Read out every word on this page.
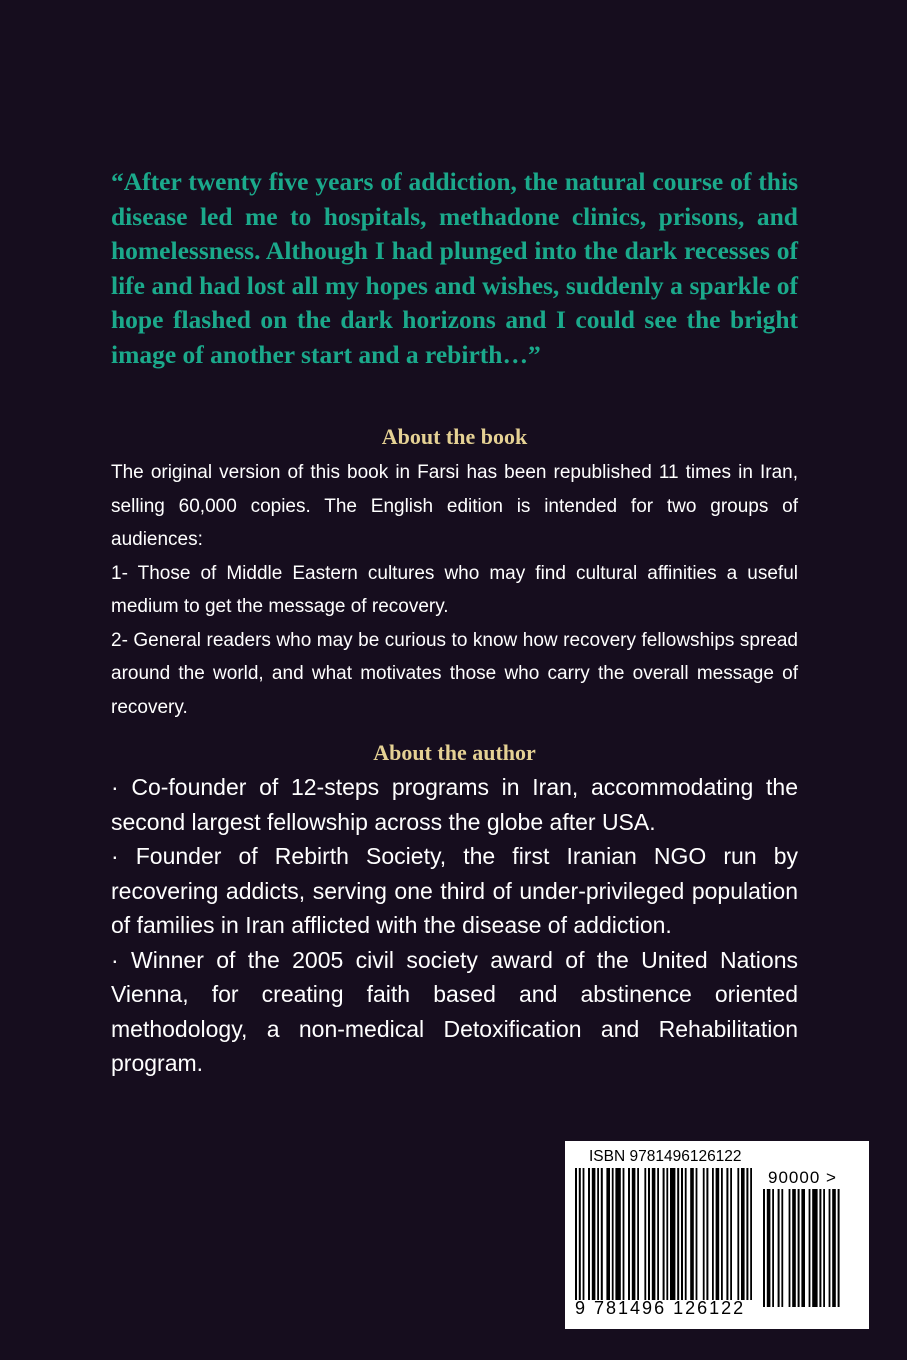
“After twenty five years of addiction, the natural course of this disease led me to hospitals, methadone clinics, prisons, and homelessness. Although I had plunged into the dark recesses of life and had lost all my hopes and wishes, suddenly a sparkle of hope flashed on the dark horizons and I could see the bright image of another start and a rebirth…”

About the book

The original version of this book in Farsi has been republished 11 times in Iran, selling 60,000 copies. The English edition is intended for two groups of audiences:

1- Those of Middle Eastern cultures who may find cultural affinities a useful medium to get the message of recovery.

2- General readers who may be curious to know how recovery fellowships spread around the world, and what motivates those who carry the overall message of recovery.

About the author

· Co-founder of 12-steps programs in Iran, accommodating the second largest fellowship across the globe after USA.

· Founder of Rebirth Society, the first Iranian NGO run by recovering addicts, serving one third of under-privileged population of families in Iran afflicted with the disease of addiction.

· Winner of the 2005 civil society award of the United Nations Vienna, for creating faith based and abstinence oriented methodology, a non-medical Detoxification and Rehabilitation program.

ISBN 9781496126122

90000 >

9 781496 126122
